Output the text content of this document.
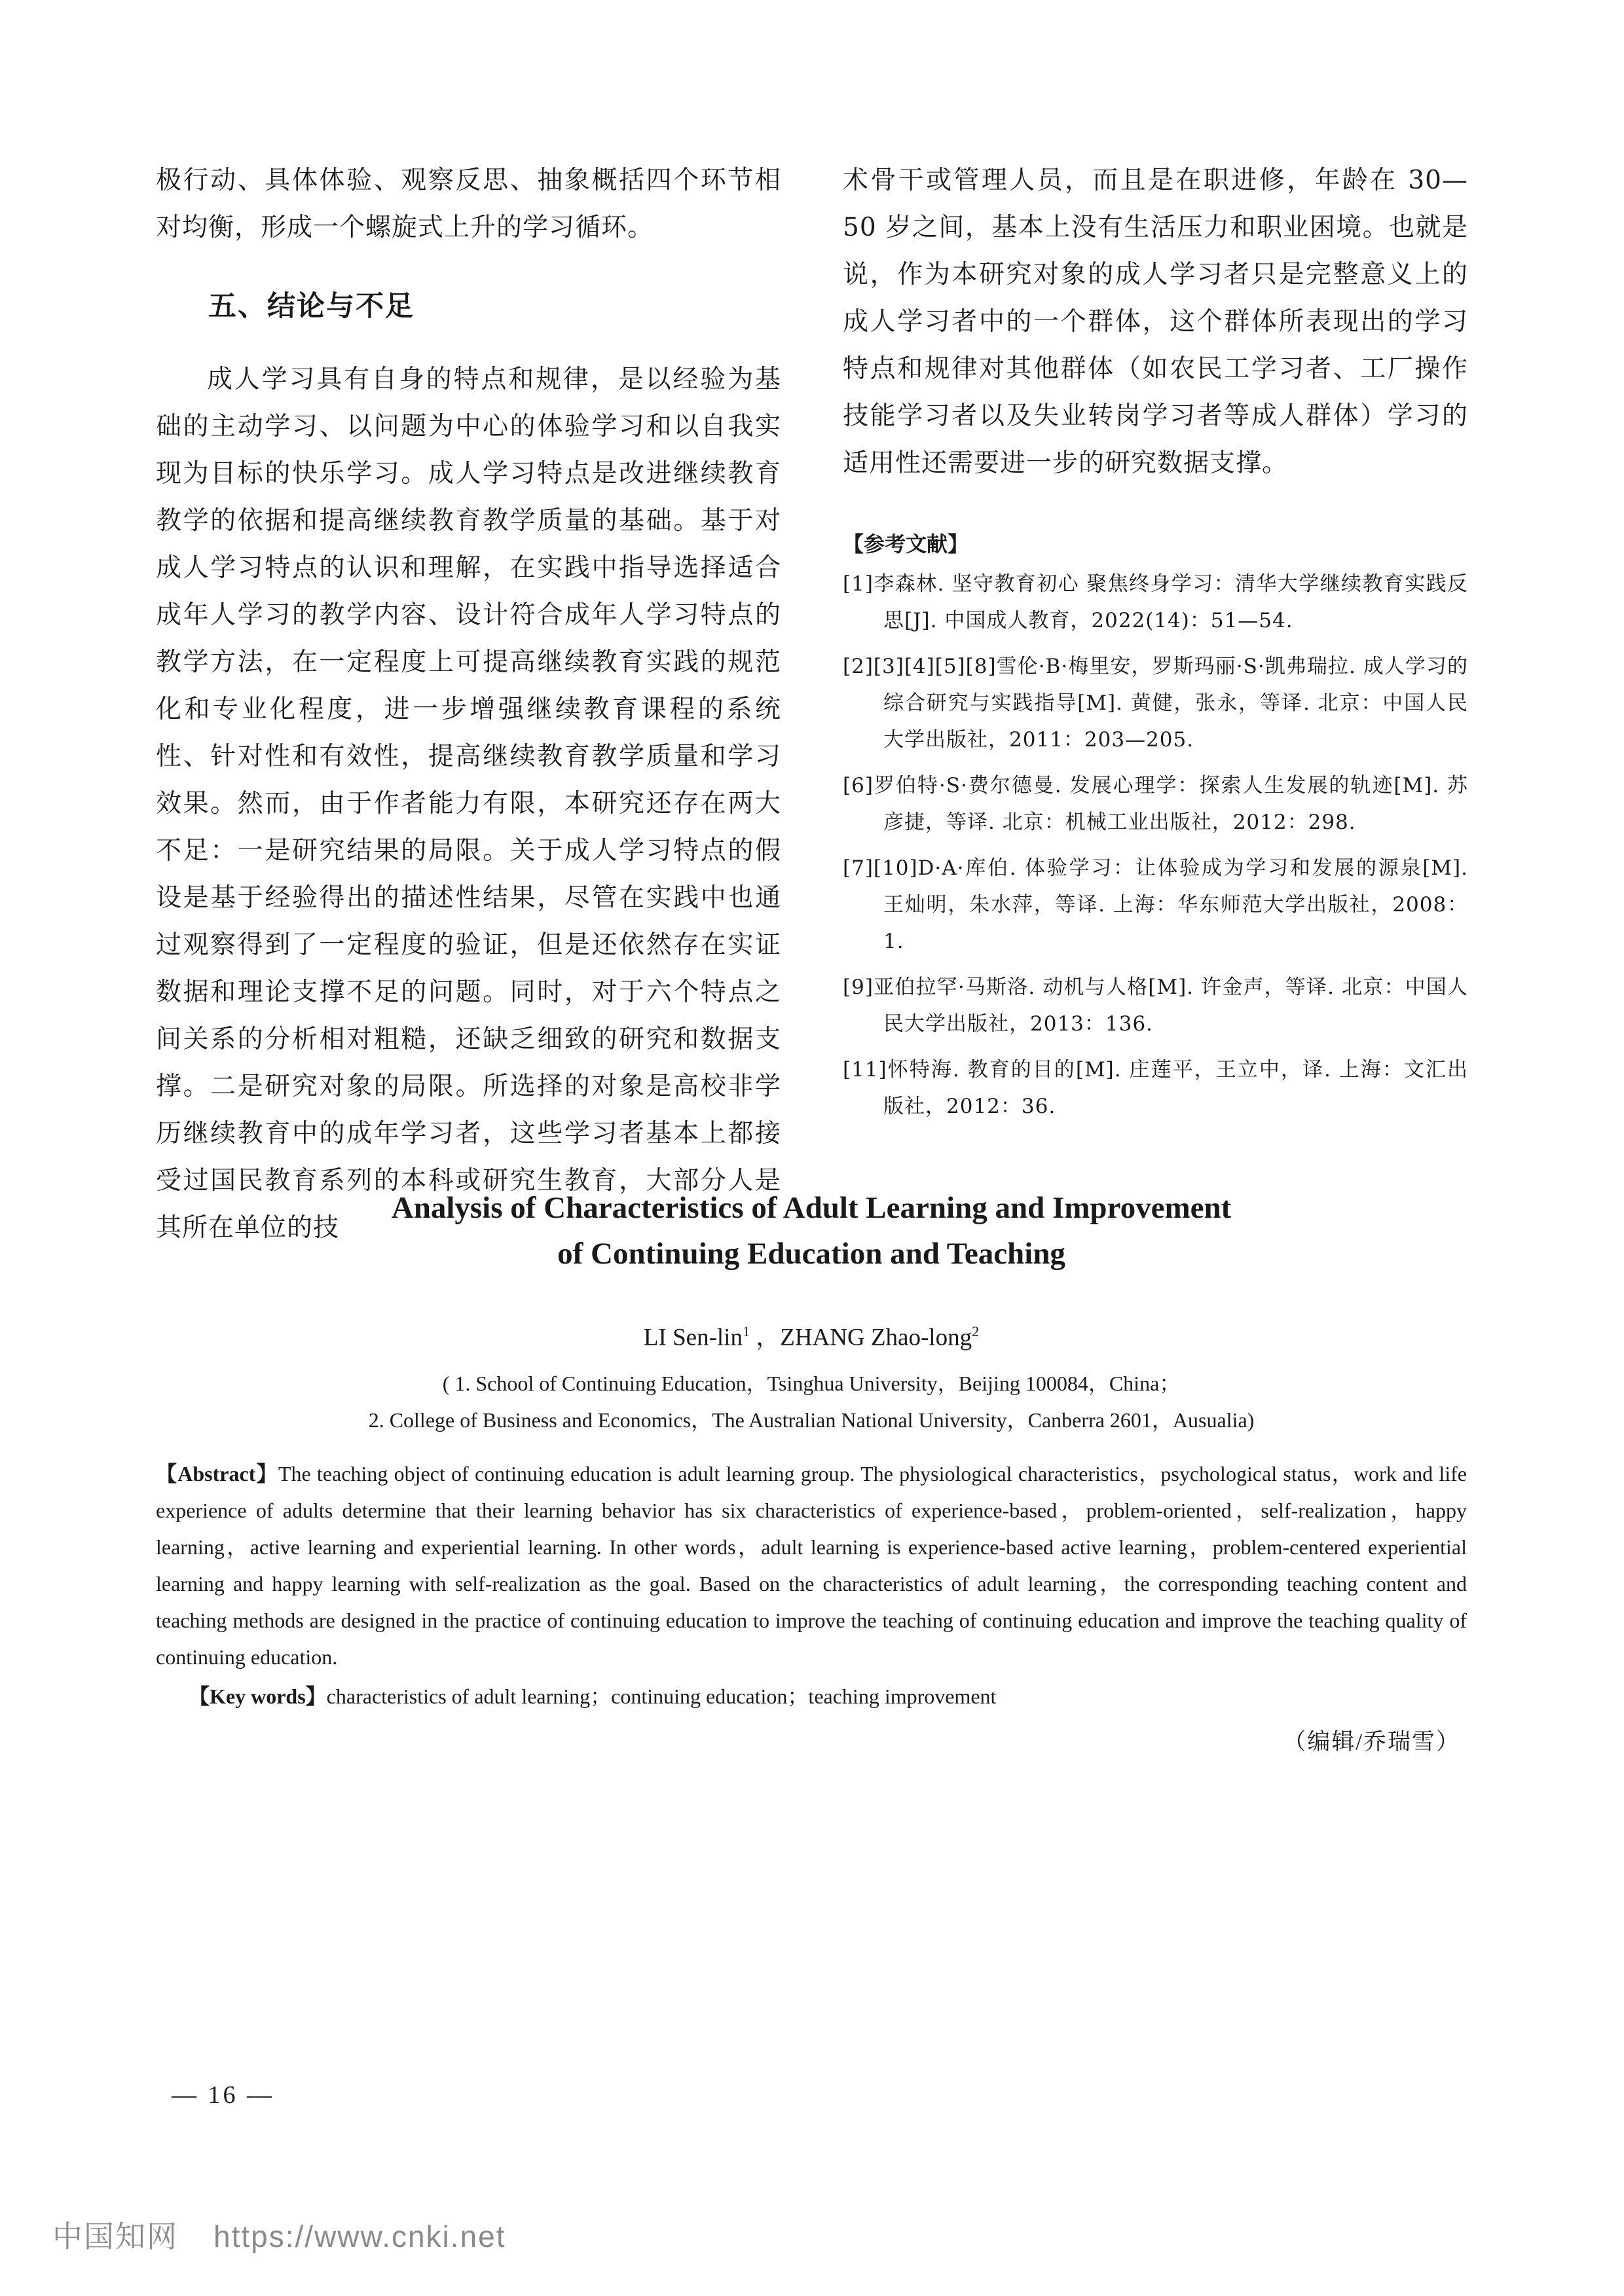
极行动、具体体验、观察反思、抽象概括四个环节相对均衡，形成一个螺旋式上升的学习循环。

五、结论与不足

成人学习具有自身的特点和规律，是以经验为基础的主动学习、以问题为中心的体验学习和以自我实现为目标的快乐学习。成人学习特点是改进继续教育教学的依据和提高继续教育教学质量的基础。基于对成人学习特点的认识和理解，在实践中指导选择适合成年人学习的教学内容、设计符合成年人学习特点的教学方法，在一定程度上可提高继续教育实践的规范化和专业化程度，进一步增强继续教育课程的系统性、针对性和有效性，提高继续教育教学质量和学习效果。然而，由于作者能力有限，本研究还存在两大不足：一是研究结果的局限。关于成人学习特点的假设是基于经验得出的描述性结果，尽管在实践中也通过观察得到了一定程度的验证，但是还依然存在实证数据和理论支撑不足的问题。同时，对于六个特点之间关系的分析相对粗糙，还缺乏细致的研究和数据支撑。二是研究对象的局限。所选择的对象是高校非学历继续教育中的成年学习者，这些学习者基本上都接受过国民教育系列的本科或研究生教育，大部分人是其所在单位的技

术骨干或管理人员，而且是在职进修，年龄在 30—50 岁之间，基本上没有生活压力和职业困境。也就是说，作为本研究对象的成人学习者只是完整意义上的成人学习者中的一个群体，这个群体所表现出的学习特点和规律对其他群体（如农民工学习者、工厂操作技能学习者以及失业转岗学习者等成人群体）学习的适用性还需要进一步的研究数据支撑。

【参考文献】

[1]李森林. 坚守教育初心 聚焦终身学习：清华大学继续教育实践反思[J]. 中国成人教育，2022(14)：51—54.

[2][3][4][5][8]雪伦·B·梅里安，罗斯玛丽·S·凯弗瑞拉. 成人学习的综合研究与实践指导[M]. 黄健，张永，等译. 北京：中国人民大学出版社，2011：203—205.

[6]罗伯特·S·费尔德曼. 发展心理学：探索人生发展的轨迹[M]. 苏彦捷，等译. 北京：机械工业出版社，2012：298.

[7][10]D·A·库伯. 体验学习：让体验成为学习和发展的源泉[M]. 王灿明，朱水萍，等译. 上海：华东师范大学出版社，2008：1.

[9]亚伯拉罕·马斯洛. 动机与人格[M]. 许金声，等译. 北京：中国人民大学出版社，2013：136.

[11]怀特海. 教育的目的[M]. 庄莲平，王立中，译. 上海：文汇出版社，2012：36.

Analysis of Characteristics of Adult Learning and Improvement

of Continuing Education and Teaching

LI Sen-lin$^1$ ，ZHANG Zhao-long$^2$

( 1. School of Continuing Education，Tsinghua University，Beijing 100084，China；

2. College of Business and Economics，The Australian National University，Canberra 2601，Ausualia)

【Abstract】The teaching object of continuing education is adult learning group. The physiological characteristics，psychological status，work and life experience of adults determine that their learning behavior has six characteristics of experience-based，problem-oriented，self-realization，happy learning，active learning and experiential learning. In other words，adult learning is experience-based active learning，problem-centered experiential learning and happy learning with self-realization as the goal. Based on the characteristics of adult learning，the corresponding teaching content and teaching methods are designed in the practice of continuing education to improve the teaching of continuing education and improve the teaching quality of continuing education.

【Key words】characteristics of adult learning；continuing education；teaching improvement

（编辑/乔瑞雪）

— 16 —
中国知网 https://www.cnki.net
